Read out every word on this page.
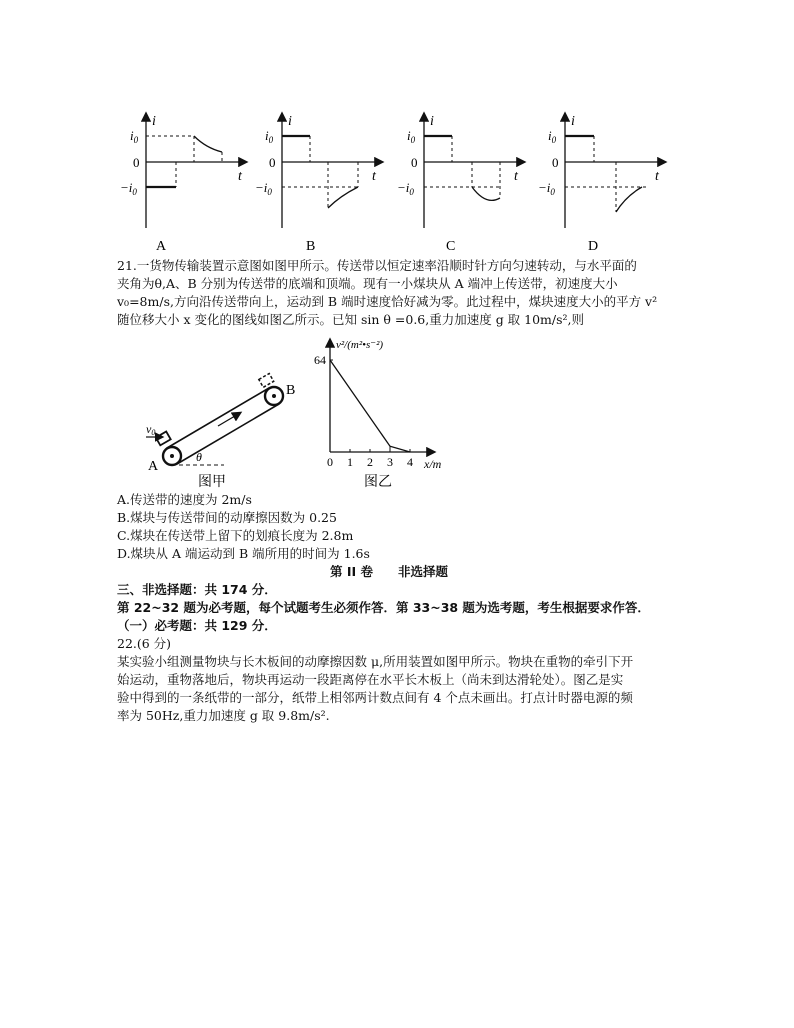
i
t
$i_0$
0
$-i_0$
A
i
t
$i_0$
0
$-i_0$
B
i
t
$i_0$
0
$-i_0$
C
i
t
$i_0$
0
$-i_0$
D
21.一货物传输装置示意图如图甲所示。传送带以恒定速率沿顺时针方向匀速转动，与水平面的
夹角为θ,A、B 分别为传送带的底端和顶端。现有一小煤块从 A 端冲上传送带，初速度大小
v₀=8m/s,方向沿传送带向上，运动到 B 端时速度恰好减为零。此过程中，煤块速度大小的平方 v²
随位移大小 x 变化的图线如图乙所示。已知 sin θ =0.6,重力加速度 g 取 10m/s²,则
v0
θ
A
B
图甲
v²/(m²•s⁻²)
x/m
64
0 1 2 3 4
图乙
A.传送带的速度为 2m/s
B.煤块与传送带间的动摩擦因数为 0.25
C.煤块在传送带上留下的划痕长度为 2.8m
D.煤块从 A 端运动到 B 端所用的时间为 1.6s
第 II 卷　　非选择题
三、非选择题：共 174 分．
第 22~32 题为必考题，每个试题考生必须作答．第 33~38 题为选考题，考生根据要求作答．
（一）必考题：共 129 分．
22.(6 分)
某实验小组测量物块与长木板间的动摩擦因数 μ,所用装置如图甲所示。物块在重物的牵引下开
始运动，重物落地后，物块再运动一段距离停在水平长木板上（尚未到达滑轮处）。图乙是实
验中得到的一条纸带的一部分，纸带上相邻两计数点间有 4 个点未画出。打点计时器电源的频
率为 50Hz,重力加速度 g 取 9.8m/s².
